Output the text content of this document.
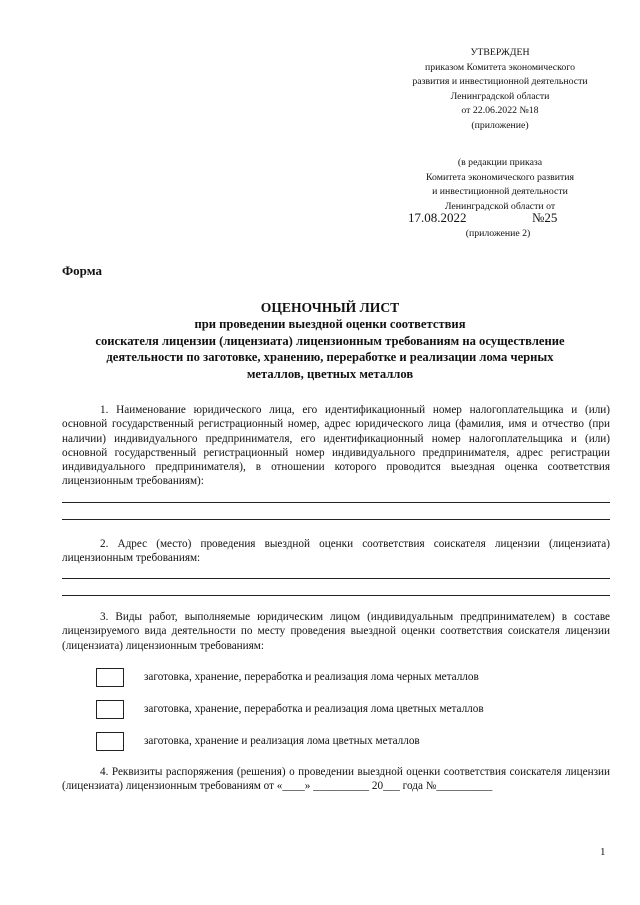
УТВЕРЖДЕН
приказом Комитета экономического
развития и инвестиционной деятельности
Ленинградской области
от 22.06.2022 №18
(приложение)
(в редакции приказа
Комитета экономического развития
и инвестиционной деятельности
Ленинградской области от
17.08.2022	№25
(приложение 2)
Форма
ОЦЕНОЧНЫЙ ЛИСТ
при проведении выездной оценки соответствия
соискателя лицензии (лицензиата) лицензионным требованиям на осуществление
деятельности по заготовке, хранению, переработке и реализации лома черных
металлов, цветных металлов
1. Наименование юридического лица, его идентификационный номер налогоплательщика и (или) основной государственный регистрационный номер, адрес юридического лица (фамилия, имя и отчество (при наличии) индивидуального предпринимателя, его идентификационный номер налогоплательщика и (или) основной государственный регистрационный номер индивидуального предпринимателя, адрес регистрации индивидуального предпринимателя), в отношении которого проводится выездная оценка соответствия лицензионным требованиям):
2. Адрес (место) проведения выездной оценки соответствия соискателя лицензии (лицензиата) лицензионным требованиям:
3. Виды работ, выполняемые юридическим лицом (индивидуальным предпринимателем) в составе лицензируемого вида деятельности по месту проведения выездной оценки соответствия соискателя лицензии (лицензиата) лицензионным требованиям:
заготовка, хранение, переработка и реализация лома черных металлов
заготовка, хранение, переработка и реализация лома цветных металлов
заготовка, хранение и реализация лома цветных металлов
4. Реквизиты распоряжения (решения) о проведении выездной оценки соответствия соискателя лицензии (лицензиата) лицензионным требованиям от «____» __________ 20___ года №__________
1
